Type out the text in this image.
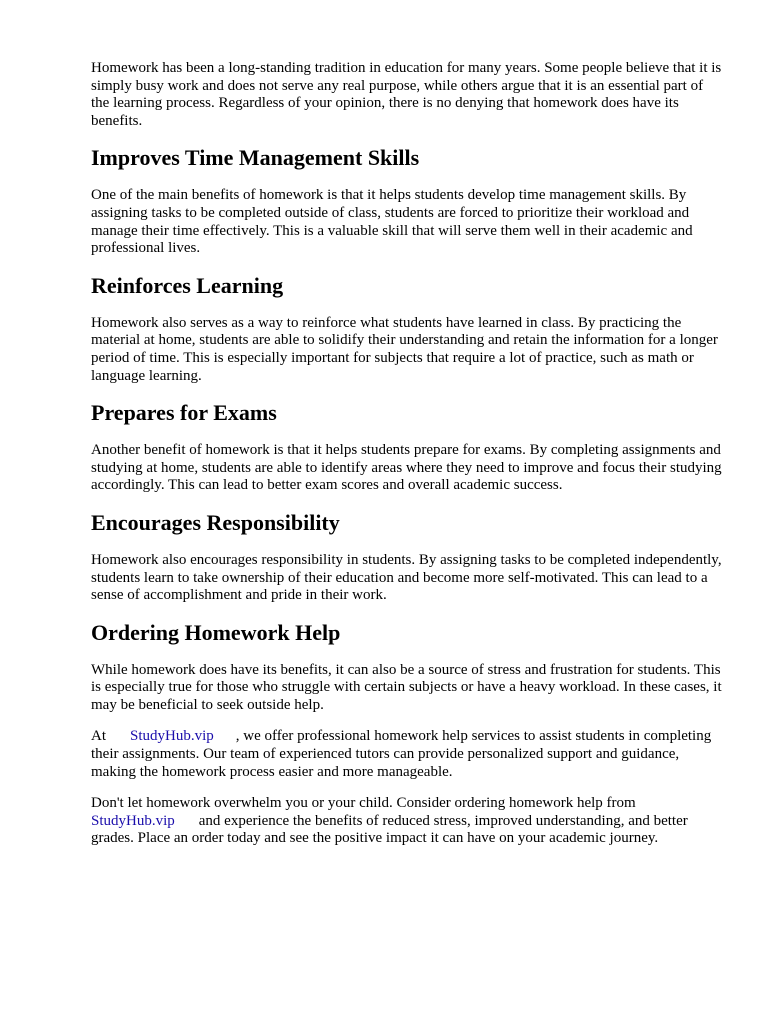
Homework has been a long-standing tradition in education for many years. Some people believe that it is simply busy work and does not serve any real purpose, while others argue that it is an essential part of the learning process. Regardless of your opinion, there is no denying that homework does have its benefits.

Improves Time Management Skills

One of the main benefits of homework is that it helps students develop time management skills. By assigning tasks to be completed outside of class, students are forced to prioritize their workload and manage their time effectively. This is a valuable skill that will serve them well in their academic and professional lives.

Reinforces Learning

Homework also serves as a way to reinforce what students have learned in class. By practicing the material at home, students are able to solidify their understanding and retain the information for a longer period of time. This is especially important for subjects that require a lot of practice, such as math or language learning.

Prepares for Exams

Another benefit of homework is that it helps students prepare for exams. By completing assignments and studying at home, students are able to identify areas where they need to improve and focus their studying accordingly. This can lead to better exam scores and overall academic success.

Encourages Responsibility

Homework also encourages responsibility in students. By assigning tasks to be completed independently, students learn to take ownership of their education and become more self-motivated. This can lead to a sense of accomplishment and pride in their work.

Ordering Homework Help

While homework does have its benefits, it can also be a source of stress and frustration for students. This is especially true for those who struggle with certain subjects or have a heavy workload. In these cases, it may be beneficial to seek outside help.

At StudyHub.vip , we offer professional homework help services to assist students in completing their assignments. Our team of experienced tutors can provide personalized support and guidance, making the homework process easier and more manageable.

Don't let homework overwhelm you or your child. Consider ordering homework help from StudyHub.vip and experience the benefits of reduced stress, improved understanding, and better grades. Place an order today and see the positive impact it can have on your academic journey.
